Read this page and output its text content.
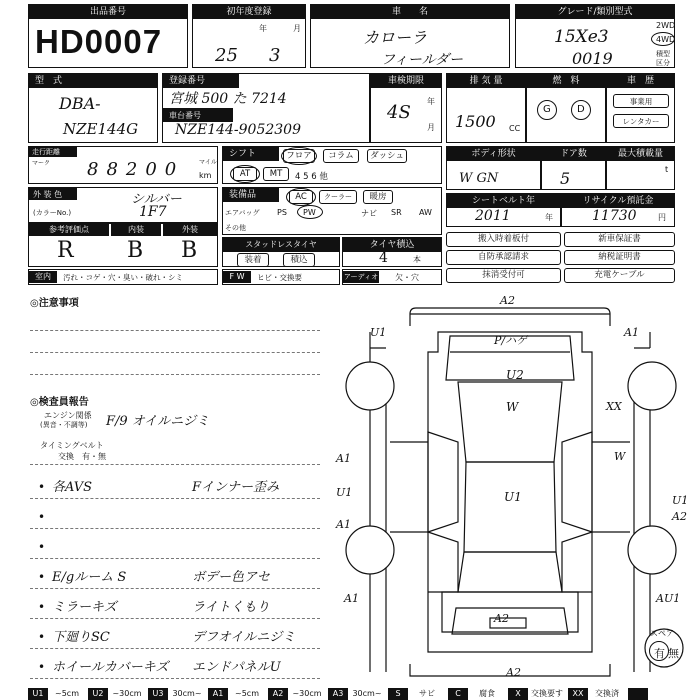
出品番号
HD0007
初年度登録
年	月
25 3
車　　名
カローラ
フィールダー
グレード/類別型式
15Xe3
0019
2WD
4WD
積型
区分
型　式
DBA-
NZE144G
登録番号
宮城 500 た 7214
車台番号
NZE144-9052309
車検期限
年
月
4S
排 気 量
1500 CC
燃　料
G	D
車　歴
事業用
レンタカー
走行距離
マーク 88200 マイル
km
シフト	フロア	コラム	ダッシュ
AT	MT	4 5 6 他
ボディ形状
W GN
ドア数
5
最大積載量
t
外 装 色	シルバー
(カラーNo.)	1F7
装備品	AC	クーラー	暖房
エアバッグ PS PW	ナビ SR AW
その他
シートベルト年
2011	年
リサイクル預託金
11730	円
参考評価点	内装	外装
R B B	スタッドレスタイヤ
装着	積込
タイヤ積込
4	本
搬入時着板付	新車保証書
自防承認請求	納税証明書
抹消受付可	充電ケーブル
室内	汚れ・コゲ・穴・臭い・破れ・シミ	F W	ヒビ・交換要	アーディオ 欠・穴
◎注意事項
◎検査員報告
エンジン関係
(異音・不調等) F/9 オイルニジミ
タイミングベルト
交換　有・無
• 各AVS	Fインナー歪み
•
•
• E/gルーム S	ボデー色アセ
• ミラーキズ	ライトくもり
• 下廻りSC	デフオイルニジミ
• ホイールカバーキズ エンドパネルU
A2
P/ハゲ
U2
W
U1
U1	A1
XX
W
A1
U1
A1
U1
A2
A1	AU1
A2
A2
スペア
有 無
U1	~5cm	U2	~30cm	U3	30cm~	A1	~5cm	A2	~30cm	A3	30cm~	S	サビ	C	腐食	X	交換要す	XX	交換済
